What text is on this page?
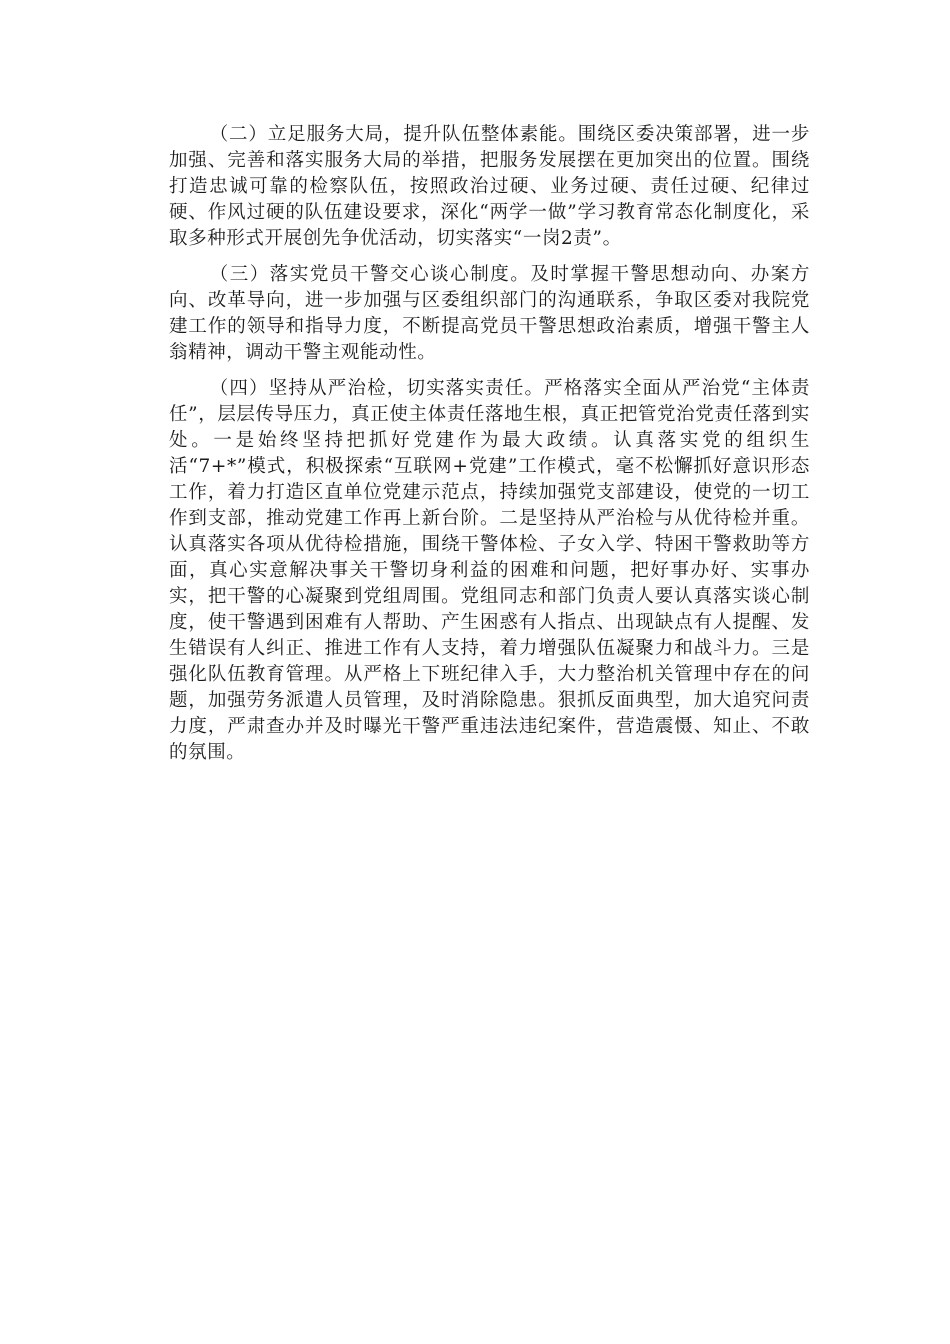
（二）立足服务大局，提升队伍整体素能。围绕区委决策部署，进一步加强、完善和落实服务大局的举措，把服务发展摆在更加突出的位置。围绕打造忠诚可靠的检察队伍，按照政治过硬、业务过硬、责任过硬、纪律过硬、作风过硬的队伍建设要求，深化“两学一做”学习教育常态化制度化，采取多种形式开展创先争优活动，切实落实“一岗2责”。

（三）落实党员干警交心谈心制度。及时掌握干警思想动向、办案方向、改革导向，进一步加强与区委组织部门的沟通联系，争取区委对我院党建工作的领导和指导力度，不断提高党员干警思想政治素质，增强干警主人翁精神，调动干警主观能动性。

（四）坚持从严治检，切实落实责任。严格落实全面从严治党“主体责任”，层层传导压力，真正使主体责任落地生根，真正把管党治党责任落到实处。一是始终坚持把抓好党建作为最大政绩。认真落实党的组织生活“7+*”模式，积极探索“互联网+党建”工作模式，毫不松懈抓好意识形态工作，着力打造区直单位党建示范点，持续加强党支部建设，使党的一切工作到支部，推动党建工作再上新台阶。二是坚持从严治检与从优待检并重。认真落实各项从优待检措施，围绕干警体检、子女入学、特困干警救助等方面，真心实意解决事关干警切身利益的困难和问题，把好事办好、实事办实，把干警的心凝聚到党组周围。党组同志和部门负责人要认真落实谈心制度，使干警遇到困难有人帮助、产生困惑有人指点、出现缺点有人提醒、发生错误有人纠正、推进工作有人支持，着力增强队伍凝聚力和战斗力。三是强化队伍教育管理。从严格上下班纪律入手，大力整治机关管理中存在的问题，加强劳务派遣人员管理，及时消除隐患。狠抓反面典型，加大追究问责力度，严肃查办并及时曝光干警严重违法违纪案件，营造震慑、知止、不敢的氛围。
